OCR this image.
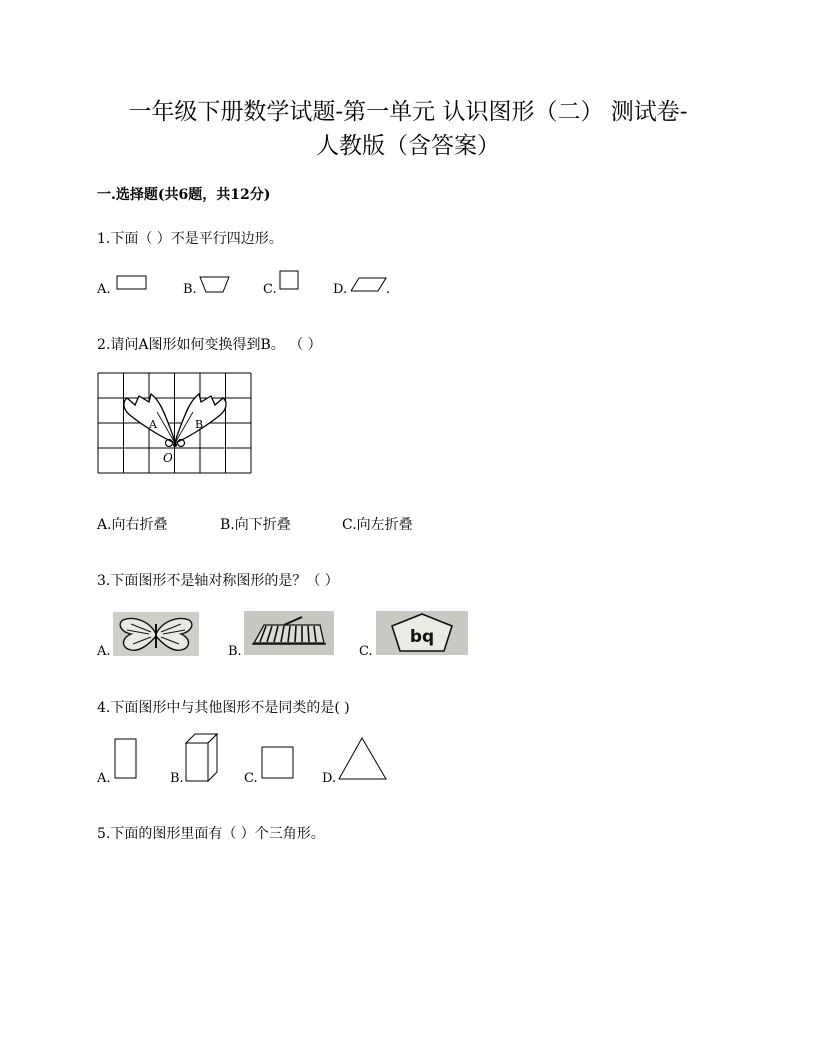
一年级下册数学试题-第一单元 认识图形（二） 测试卷-
人教版（含答案）
一.选择题(共6题，共12分)
1.下面（ ）不是平行四边形。
A.	B.	C.	D.	.
2.请问A图形如何变换得到B。 （ ）
A	B
O
A.向右折叠	B.向下折叠	C.向左折叠
3.下面图形不是轴对称图形的是？（ ）
A.	B.	C.
bq
4.下面图形中与其他图形不是同类的是( )
A.	B.	C.	D.
5.下面的图形里面有（ ）个三角形。
